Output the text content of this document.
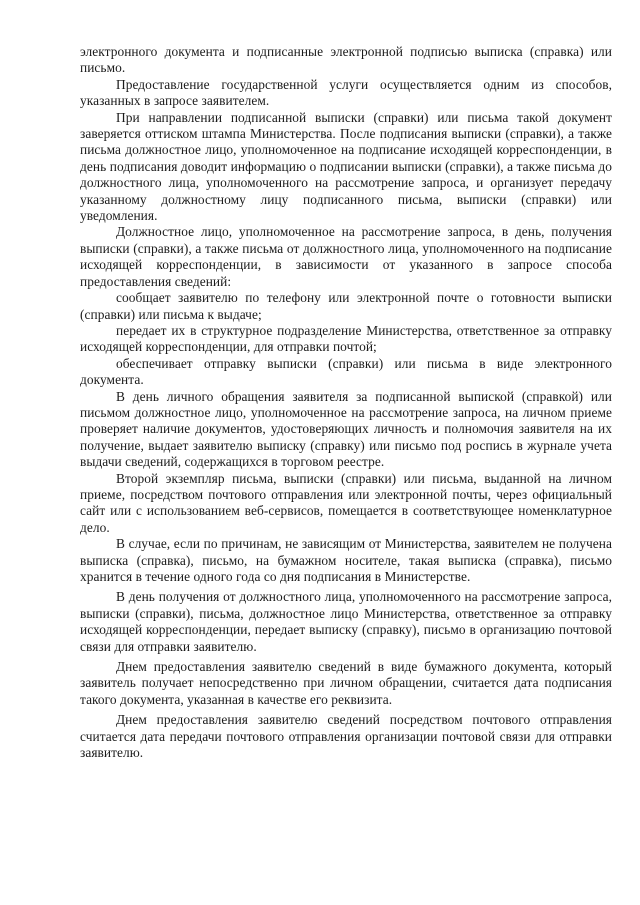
электронного документа и подписанные электронной подписью выписка (справка) или письмо.

Предоставление государственной услуги осуществляется одним из способов, указанных в запросе заявителем.

При направлении подписанной выписки (справки) или письма такой документ заверяется оттиском штампа Министерства. После подписания выписки (справки), а также письма должностное лицо, уполномоченное на подписание исходящей корреспонденции, в день подписания доводит информацию о подписании выписки (справки), а также письма до должностного лица, уполномоченного на рассмотрение запроса, и организует передачу указанному должностному лицу подписанного письма, выписки (справки) или уведомления.

Должностное лицо, уполномоченное на рассмотрение запроса, в день, получения выписки (справки), а также письма от должностного лица, уполномоченного на подписание исходящей корреспонденции, в зависимости от указанного в запросе способа предоставления сведений:

сообщает заявителю по телефону или электронной почте о готовности выписки (справки) или письма к выдаче;

передает их в структурное подразделение Министерства, ответственное за отправку исходящей корреспонденции, для отправки почтой;

обеспечивает отправку выписки (справки) или письма в виде электронного документа.

В день личного обращения заявителя за подписанной выпиской (справкой) или письмом должностное лицо, уполномоченное на рассмотрение запроса, на личном приеме проверяет наличие документов, удостоверяющих личность и полномочия заявителя на их получение, выдает заявителю выписку (справку) или письмо под роспись в журнале учета выдачи сведений, содержащихся в торговом реестре.

Второй экземпляр письма, выписки (справки) или письма, выданной на личном приеме, посредством почтового отправления или электронной почты, через официальный сайт или с использованием веб-сервисов, помещается в соответствующее номенклатурное дело.

В случае, если по причинам, не зависящим от Министерства, заявителем не получена выписка (справка), письмо, на бумажном носителе, такая выписка (справка), письмо хранится в течение одного года со дня подписания в Министерстве.

В день получения от должностного лица, уполномоченного на рассмотрение запроса, выписки (справки), письма, должностное лицо Министерства, ответственное за отправку исходящей корреспонденции, передает выписку (справку), письмо в организацию почтовой связи для отправки заявителю.

Днем предоставления заявителю сведений в виде бумажного документа, который заявитель получает непосредственно при личном обращении, считается дата подписания такого документа, указанная в качестве его реквизита.

Днем предоставления заявителю сведений посредством почтового отправления считается дата передачи почтового отправления организации почтовой связи для отправки заявителю.
